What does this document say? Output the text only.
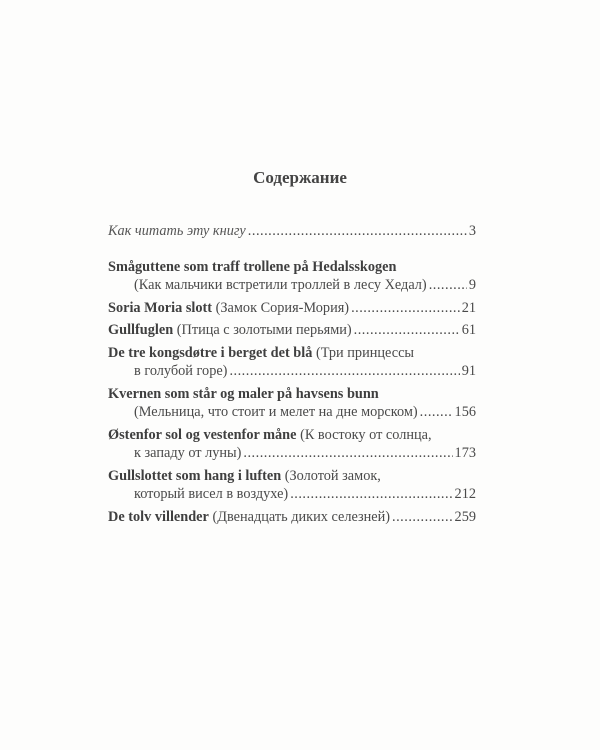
Содержание
Как читать эту книгу .....	3
Småguttene som traff trollene på Hedalsskogen
(Как мальчики встретили троллей в лесу Хедал) .....	9
Soria Moria slott
(Замок Сория-Мория) .....	21
Gullfuglen
(Птица с золотыми перьями) .....	61
De tre kongsdøtre i berget det blå
(Три принцессы
в голубой горе) .....	91
Kvernen som står og maler på havsens bunn
(Мельница, что стоит и мелет на дне морском) .....	156
Østenfor sol og vestenfor måne
(К востоку от солнца,
к западу от луны) .....	173
Gullslottet som hang i luften
(Золотой замок,
который висел в воздухе) .....	212
De tolv villender
(Двенадцать диких селезней) .....	259
